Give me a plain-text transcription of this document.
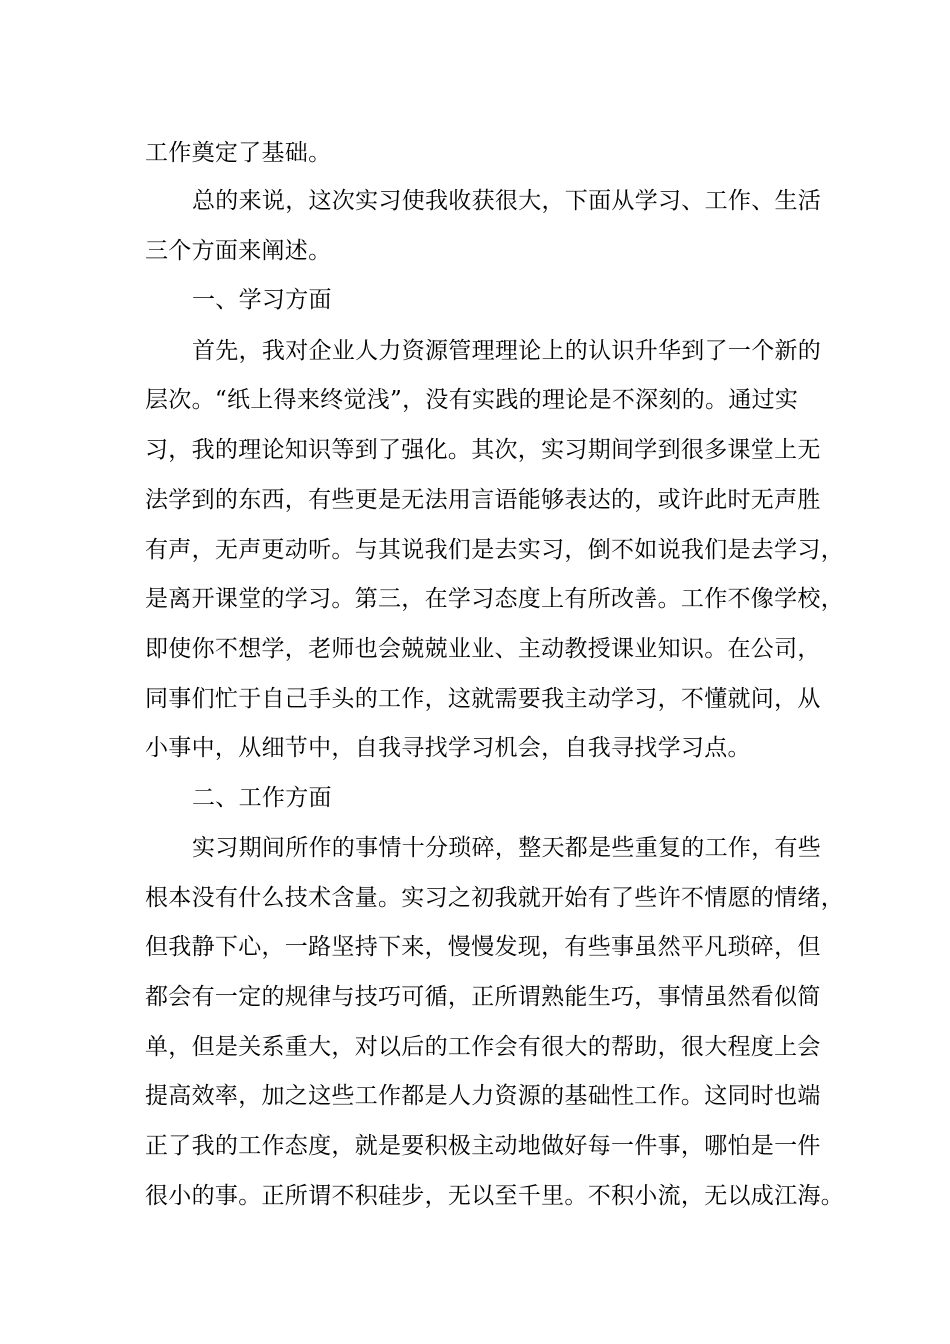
工作奠定了基础。
总的来说，这次实习使我收获很大，下面从学习、工作、生活
三个方面来阐述。
一、学习方面
首先，我对企业人力资源管理理论上的认识升华到了一个新的
层次。“纸上得来终觉浅”，没有实践的理论是不深刻的。通过实
习，我的理论知识等到了强化。其次，实习期间学到很多课堂上无
法学到的东西，有些更是无法用言语能够表达的，或许此时无声胜
有声，无声更动听。与其说我们是去实习，倒不如说我们是去学习，
是离开课堂的学习。第三，在学习态度上有所改善。工作不像学校，
即使你不想学，老师也会兢兢业业、主动教授课业知识。在公司，
同事们忙于自己手头的工作，这就需要我主动学习，不懂就问，从
小事中，从细节中，自我寻找学习机会，自我寻找学习点。
二、工作方面
实习期间所作的事情十分琐碎，整天都是些重复的工作，有些
根本没有什么技术含量。实习之初我就开始有了些许不情愿的情绪，
但我静下心，一路坚持下来，慢慢发现，有些事虽然平凡琐碎，但
都会有一定的规律与技巧可循，正所谓熟能生巧，事情虽然看似简
单，但是关系重大，对以后的工作会有很大的帮助，很大程度上会
提高效率，加之这些工作都是人力资源的基础性工作。这同时也端
正了我的工作态度，就是要积极主动地做好每一件事，哪怕是一件
很小的事。正所谓不积硅步，无以至千里。不积小流，无以成江海。
